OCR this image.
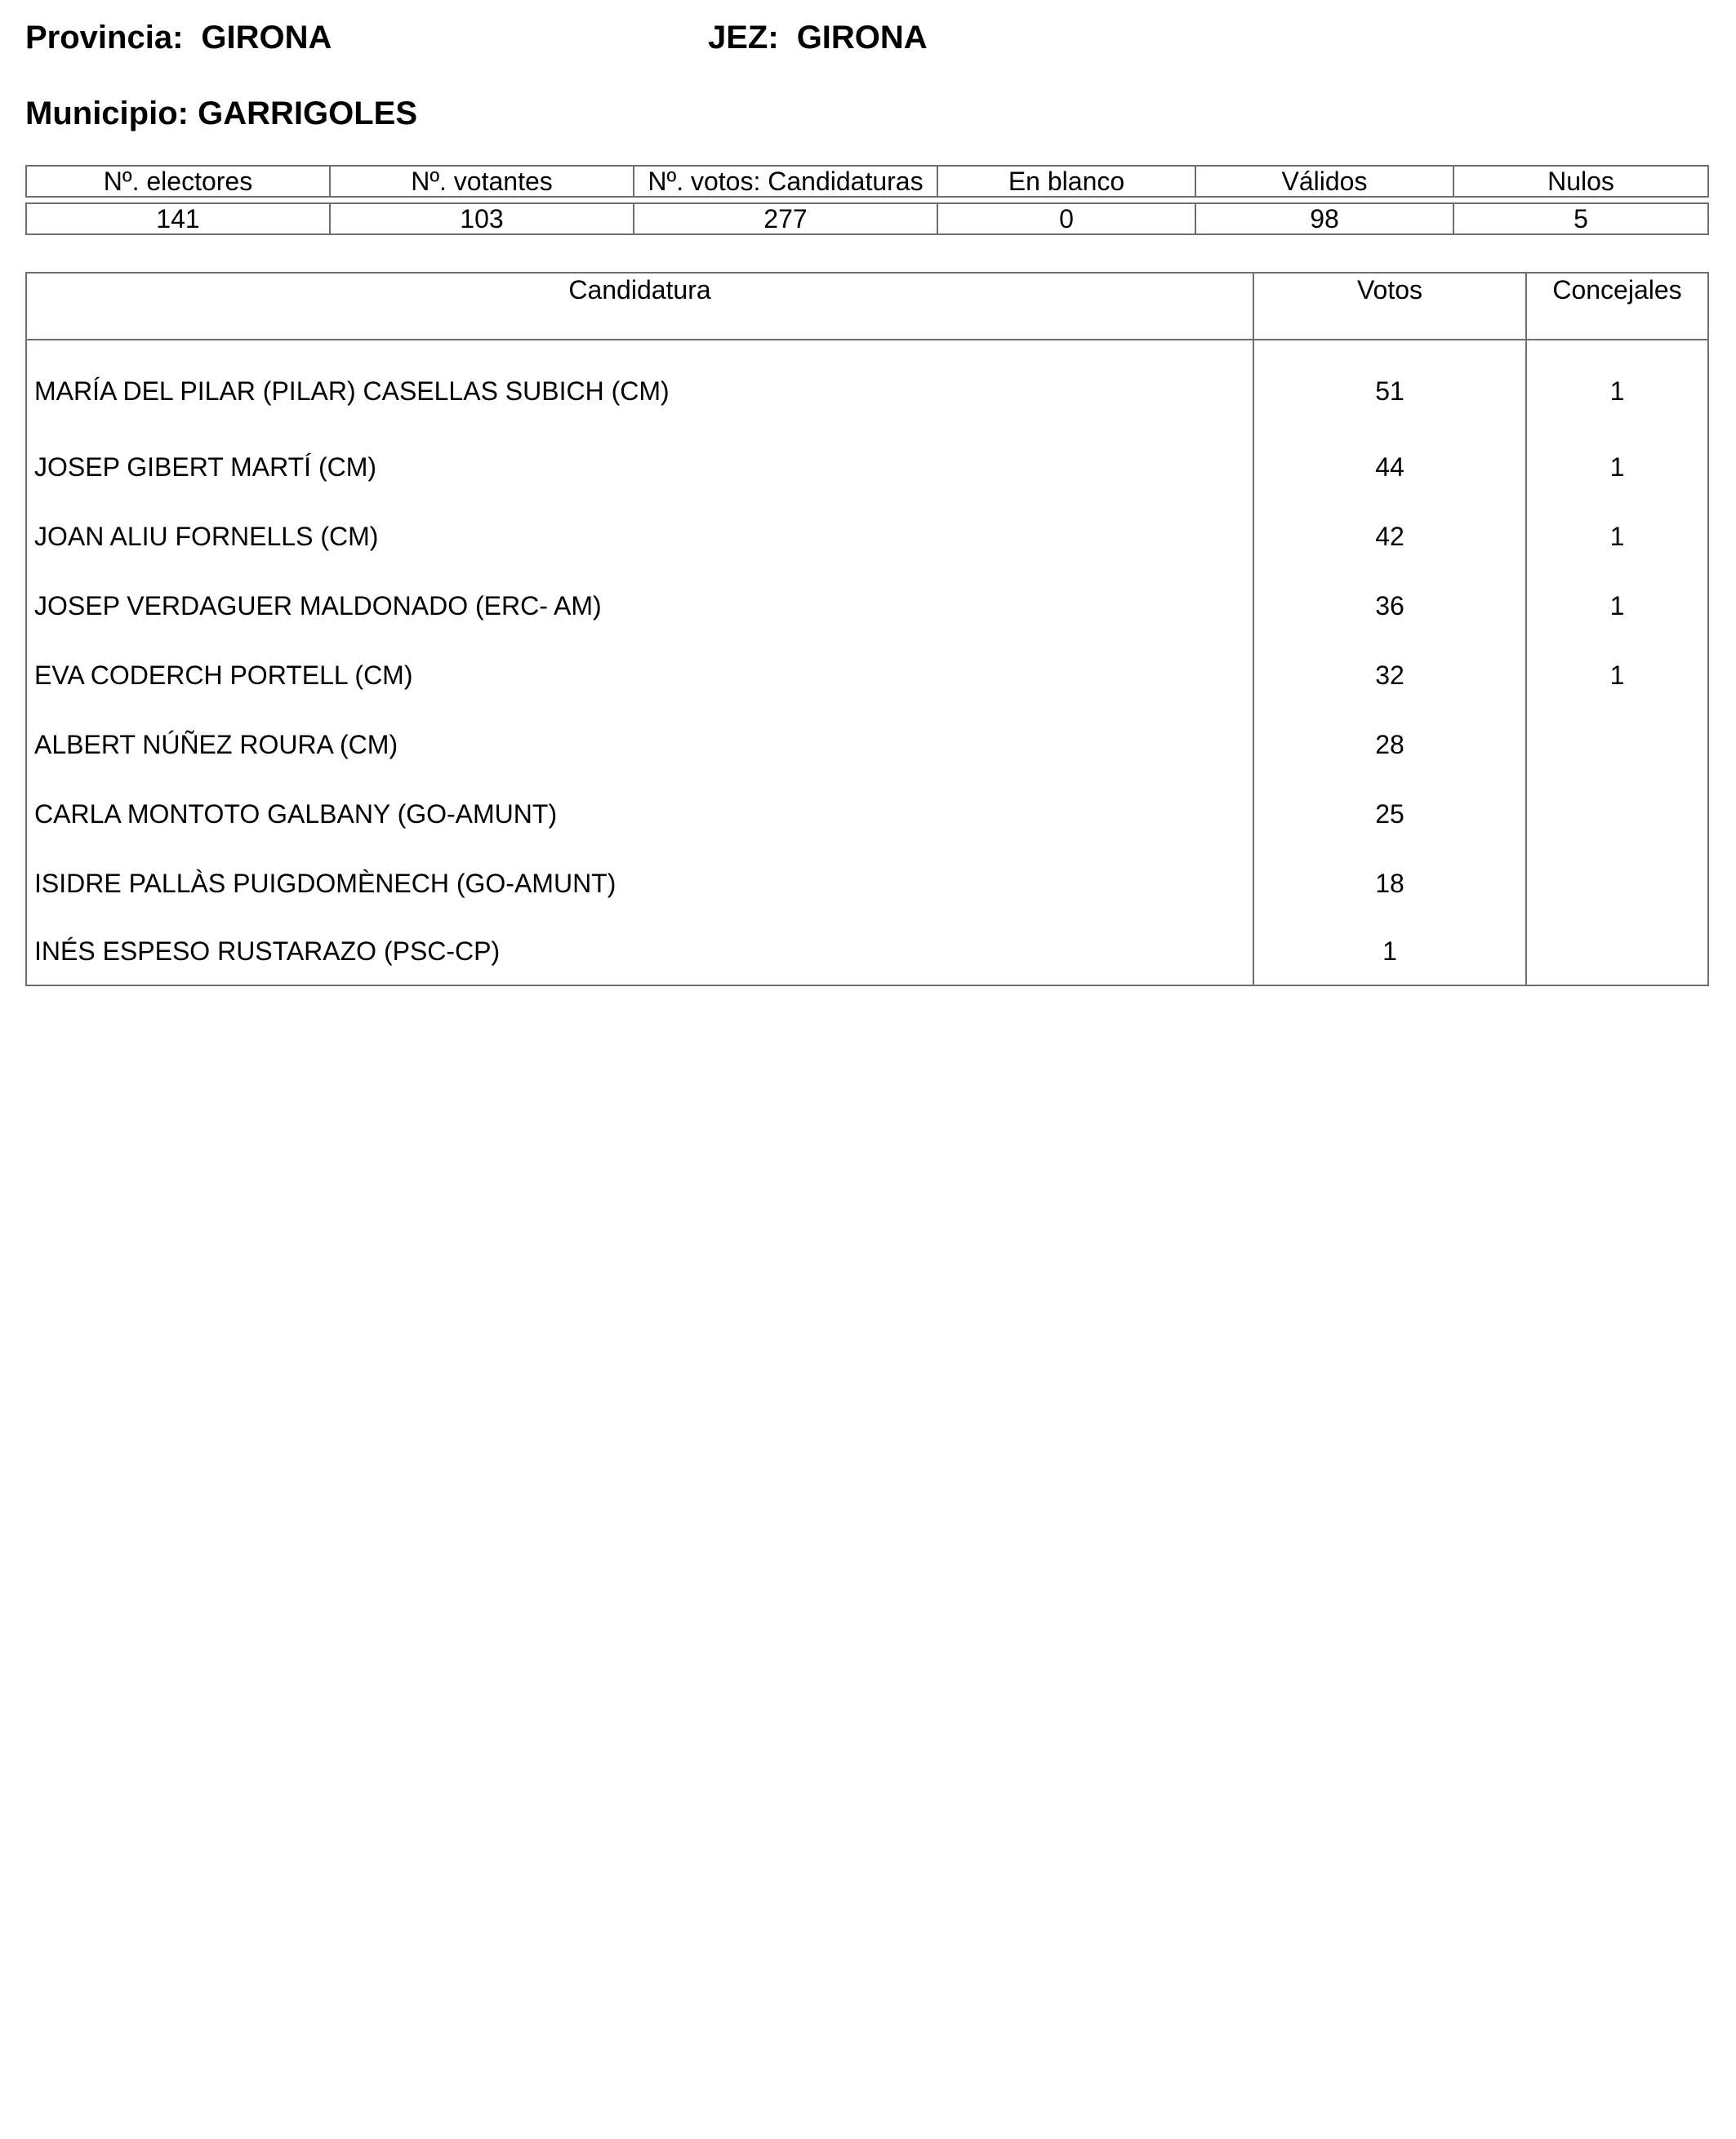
Provincia: GIRONA	JEZ: GIRONA
Municipio: GARRIGOLES
Nº. electores	Nº. votantes	Nº. votos: Candidaturas	En blanco	Válidos	Nulos

141	103	277	0	98	5
Candidatura	Votos	Concejales
MARÍA DEL PILAR (PILAR) CASELLAS SUBICH (CM)	51	1
JOSEP GIBERT MARTÍ (CM)	44	1
JOAN ALIU FORNELLS (CM)	42	1
JOSEP VERDAGUER MALDONADO (ERC- AM)	36	1
EVA CODERCH PORTELL (CM)	32	1
ALBERT NÚÑEZ ROURA (CM)	28	
CARLA MONTOTO GALBANY (GO-AMUNT)	25	
ISIDRE PALLÀS PUIGDOMÈNECH (GO-AMUNT)	18	
INÉS ESPESO RUSTARAZO (PSC-CP)	1	
